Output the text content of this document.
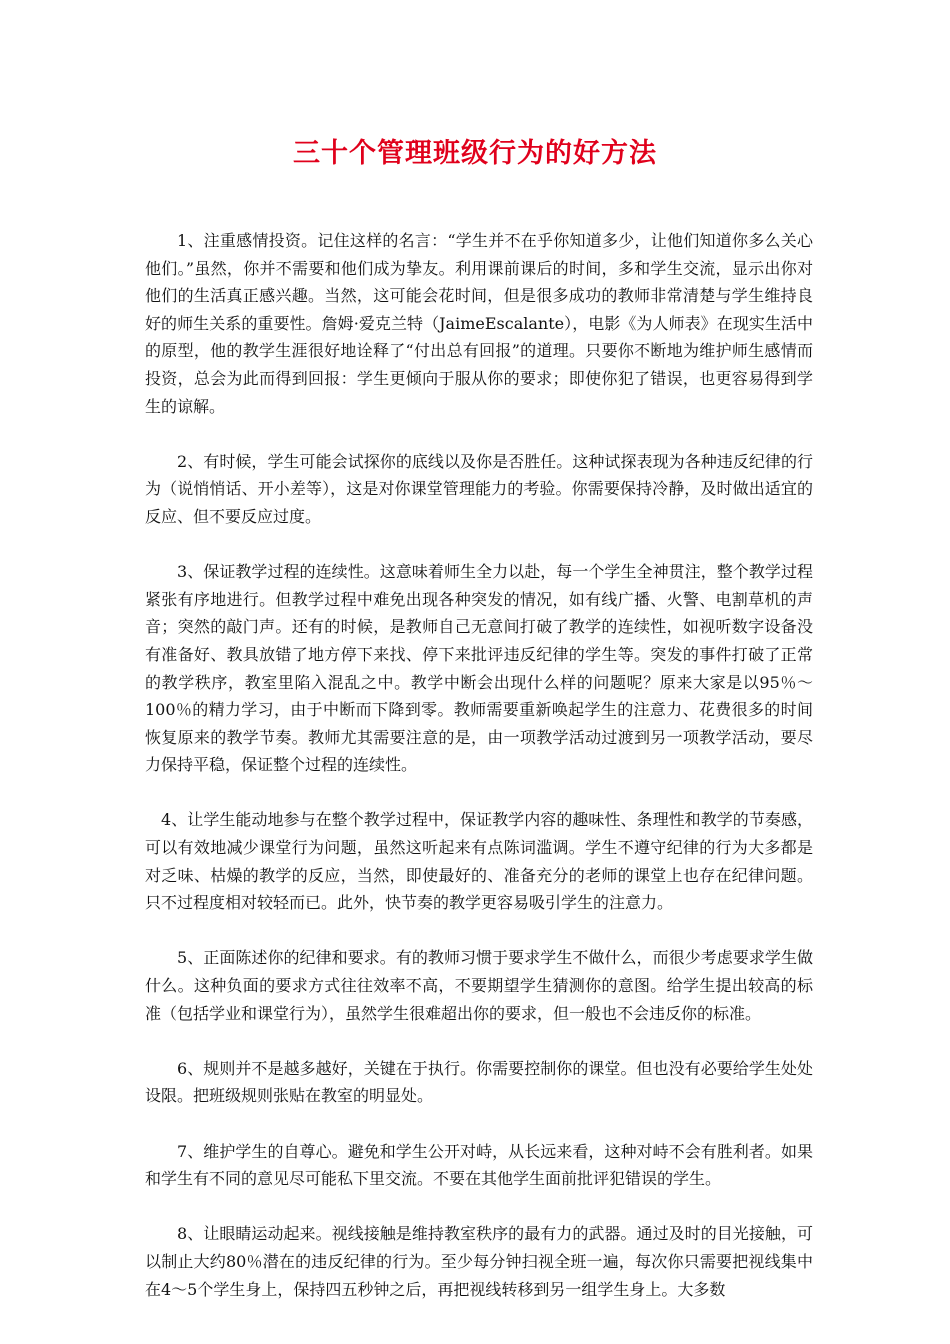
三十个管理班级行为的好方法

1、注重感情投资。记住这样的名言：“学生并不在乎你知道多少，让他们知道你多么关心他们。”虽然，你并不需要和他们成为挚友。利用课前课后的时间，多和学生交流，显示出你对他们的生活真正感兴趣。当然，这可能会花时间，但是很多成功的教师非常清楚与学生维持良好的师生关系的重要性。詹姆·爱克兰特（JaimeEscalante），电影《为人师表》在现实生活中的原型，他的教学生涯很好地诠释了“付出总有回报”的道理。只要你不断地为维护师生感情而投资，总会为此而得到回报：学生更倾向于服从你的要求；即使你犯了错误，也更容易得到学生的谅解。

2、有时候，学生可能会试探你的底线以及你是否胜任。这种试探表现为各种违反纪律的行为（说悄悄话、开小差等），这是对你课堂管理能力的考验。你需要保持冷静，及时做出适宜的反应、但不要反应过度。

3、保证教学过程的连续性。这意味着师生全力以赴，每一个学生全神贯注，整个教学过程紧张有序地进行。但教学过程中难免出现各种突发的情况，如有线广播、火警、电割草机的声音；突然的敲门声。还有的时候，是教师自己无意间打破了教学的连续性，如视听数字设备没有准备好、教具放错了地方停下来找、停下来批评违反纪律的学生等。突发的事件打破了正常的教学秩序，教室里陷入混乱之中。教学中断会出现什么样的问题呢？原来大家是以95％～100％的精力学习，由于中断而下降到零。教师需要重新唤起学生的注意力、花费很多的时间恢复原来的教学节奏。教师尤其需要注意的是，由一项教学活动过渡到另一项教学活动，要尽力保持平稳，保证整个过程的连续性。

4、让学生能动地参与在整个教学过程中，保证教学内容的趣味性、条理性和教学的节奏感，可以有效地减少课堂行为问题，虽然这听起来有点陈词滥调。学生不遵守纪律的行为大多都是对乏味、枯燥的教学的反应，当然，即使最好的、准备充分的老师的课堂上也存在纪律问题。只不过程度相对较轻而已。此外，快节奏的教学更容易吸引学生的注意力。

5、正面陈述你的纪律和要求。有的教师习惯于要求学生不做什么，而很少考虑要求学生做什么。这种负面的要求方式往往效率不高，不要期望学生猜测你的意图。给学生提出较高的标准（包括学业和课堂行为），虽然学生很难超出你的要求，但一般也不会违反你的标准。

6、规则并不是越多越好，关键在于执行。你需要控制你的课堂。但也没有必要给学生处处设限。把班级规则张贴在教室的明显处。

7、维护学生的自尊心。避免和学生公开对峙，从长远来看，这种对峙不会有胜利者。如果和学生有不同的意见尽可能私下里交流。不要在其他学生面前批评犯错误的学生。

8、让眼睛运动起来。视线接触是维持教室秩序的最有力的武器。通过及时的目光接触，可以制止大约80％潜在的违反纪律的行为。至少每分钟扫视全班一遍，每次你只需要把视线集中在4～5个学生身上，保持四五秒钟之后，再把视线转移到另一组学生身上。大多数
